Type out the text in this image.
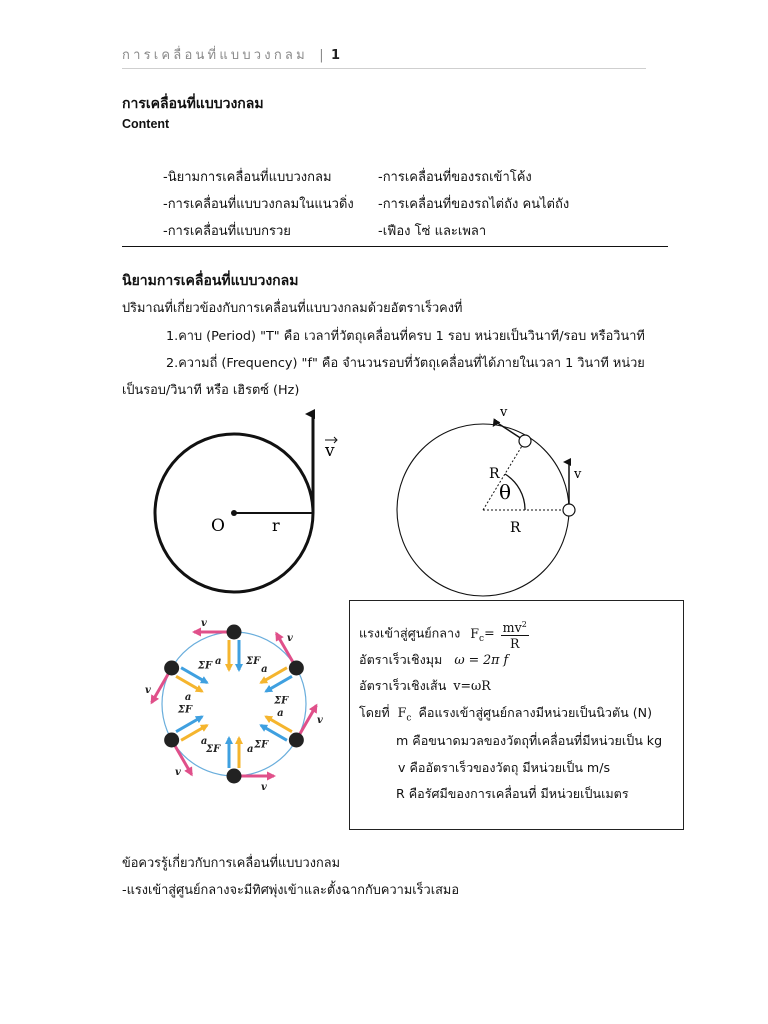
การเคลื่อนที่แบบวงกลม | 1
การเคลื่อนที่แบบวงกลม
Content
-นิยามการเคลื่อนที่แบบวงกลม
-การเคลื่อนที่แบบวงกลมในแนวดิ่ง
-การเคลื่อนที่แบบกรวย
-การเคลื่อนที่ของรถเข้าโค้ง
-การเคลื่อนที่ของรถไต่ถัง คนไต่ถัง
-เฟือง โซ่ และเพลา
นิยามการเคลื่อนที่แบบวงกลม
ปริมาณที่เกี่ยวข้องกับการเคลื่อนที่แบบวงกลมด้วยอัตราเร็วคงที่
1.คาบ (Period) "T" คือ เวลาที่วัตถุเคลื่อนที่ครบ 1 รอบ หน่วยเป็นวินาที/รอบ หรือวินาที
2.ความถี่ (Frequency) "f" คือ จำนวนรอบที่วัตถุเคลื่อนที่ได้ภายในเวลา 1 วินาที หน่วย
เป็นรอบ/วินาที หรือ เฮิรตซ์ (Hz)
O	r
v
v
v
R
θ
R
v
a ΣF
v
a
ΣF
v
a
ΣF
v
a
ΣF
v
a
ΣF
v
a
ΣF
แรงเข้าสู่ศูนย์กลาง $F_c= \frac{mv^2}{R}$
อัตราเร็วเชิงมุม ω = 2π f
อัตราเร็วเชิงเส้น v=ωR
โดยที่ $F_c$ คือแรงเข้าสู่ศูนย์กลางมีหน่วยเป็นนิวตัน (N)
m คือขนาดมวลของวัตถุที่เคลื่อนที่มีหน่วยเป็น kg
v คืออัตราเร็วของวัตถุ มีหน่วยเป็น m/s
R คือรัศมีของการเคลื่อนที่ มีหน่วยเป็นเมตร
ข้อควรรู้เกี่ยวกับการเคลื่อนที่แบบวงกลม
-แรงเข้าสู่ศูนย์กลางจะมีทิศพุ่งเข้าและตั้งฉากกับความเร็วเสมอ
